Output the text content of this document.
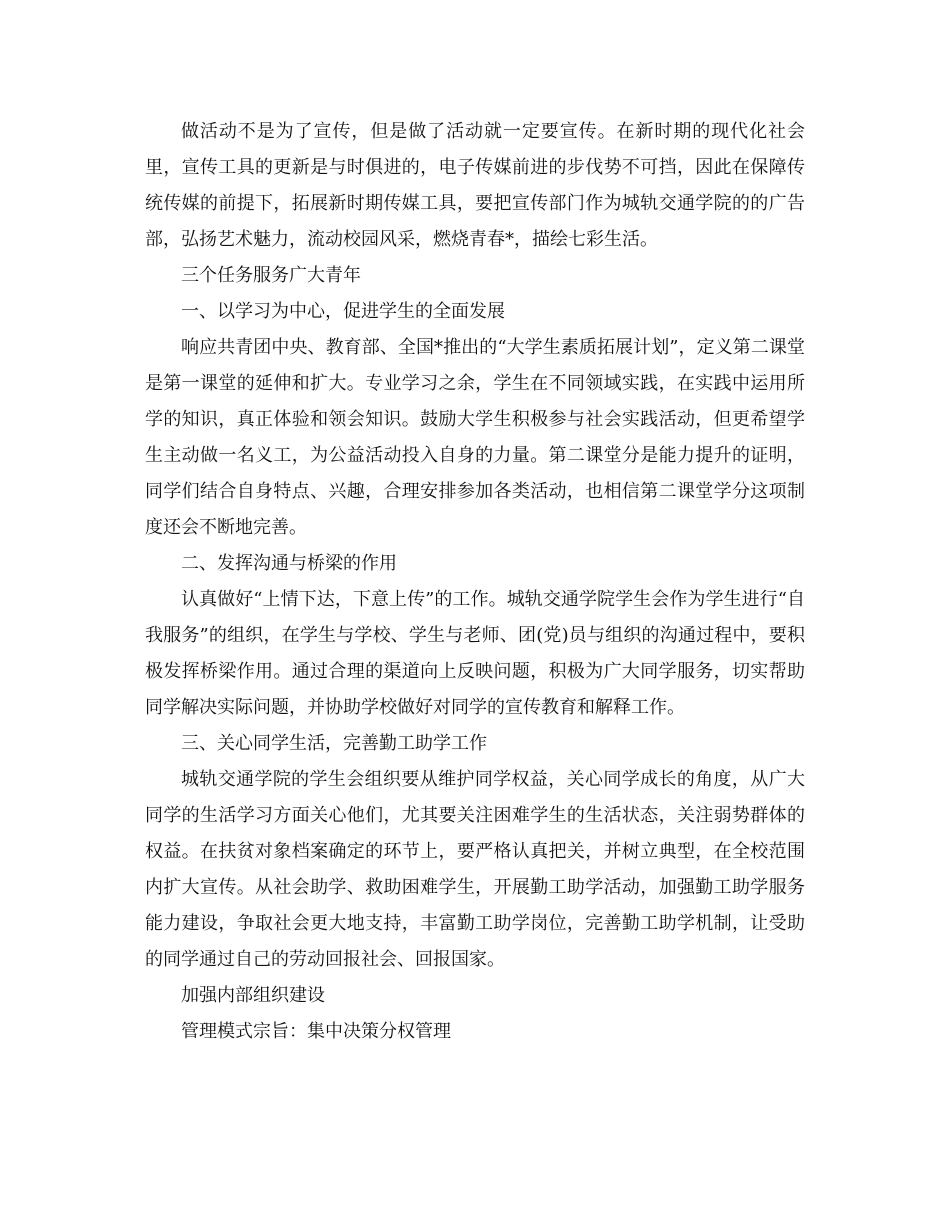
做活动不是为了宣传，但是做了活动就一定要宣传。在新时期的现代化社会里，宣传工具的更新是与时俱进的，电子传媒前进的步伐势不可挡，因此在保障传统传媒的前提下，拓展新时期传媒工具，要把宣传部门作为城轨交通学院的的广告部，弘扬艺术魅力，流动校园风采，燃烧青春*，描绘七彩生活。

三个任务服务广大青年

一、以学习为中心，促进学生的全面发展

响应共青团中央、教育部、全国*推出的“大学生素质拓展计划”，定义第二课堂是第一课堂的延伸和扩大。专业学习之余，学生在不同领域实践，在实践中运用所学的知识，真正体验和领会知识。鼓励大学生积极参与社会实践活动，但更希望学生主动做一名义工，为公益活动投入自身的力量。第二课堂分是能力提升的证明，同学们结合自身特点、兴趣，合理安排参加各类活动，也相信第二课堂学分这项制度还会不断地完善。

二、发挥沟通与桥梁的作用

认真做好“上情下达，下意上传”的工作。城轨交通学院学生会作为学生进行“自我服务”的组织，在学生与学校、学生与老师、团(党)员与组织的沟通过程中，要积极发挥桥梁作用。通过合理的渠道向上反映问题，积极为广大同学服务，切实帮助同学解决实际问题，并协助学校做好对同学的宣传教育和解释工作。

三、关心同学生活，完善勤工助学工作

城轨交通学院的学生会组织要从维护同学权益，关心同学成长的角度，从广大同学的生活学习方面关心他们，尤其要关注困难学生的生活状态，关注弱势群体的权益。在扶贫对象档案确定的环节上，要严格认真把关，并树立典型，在全校范围内扩大宣传。从社会助学、救助困难学生，开展勤工助学活动，加强勤工助学服务能力建设，争取社会更大地支持，丰富勤工助学岗位，完善勤工助学机制，让受助的同学通过自己的劳动回报社会、回报国家。

加强内部组织建设

管理模式宗旨：集中决策分权管理
